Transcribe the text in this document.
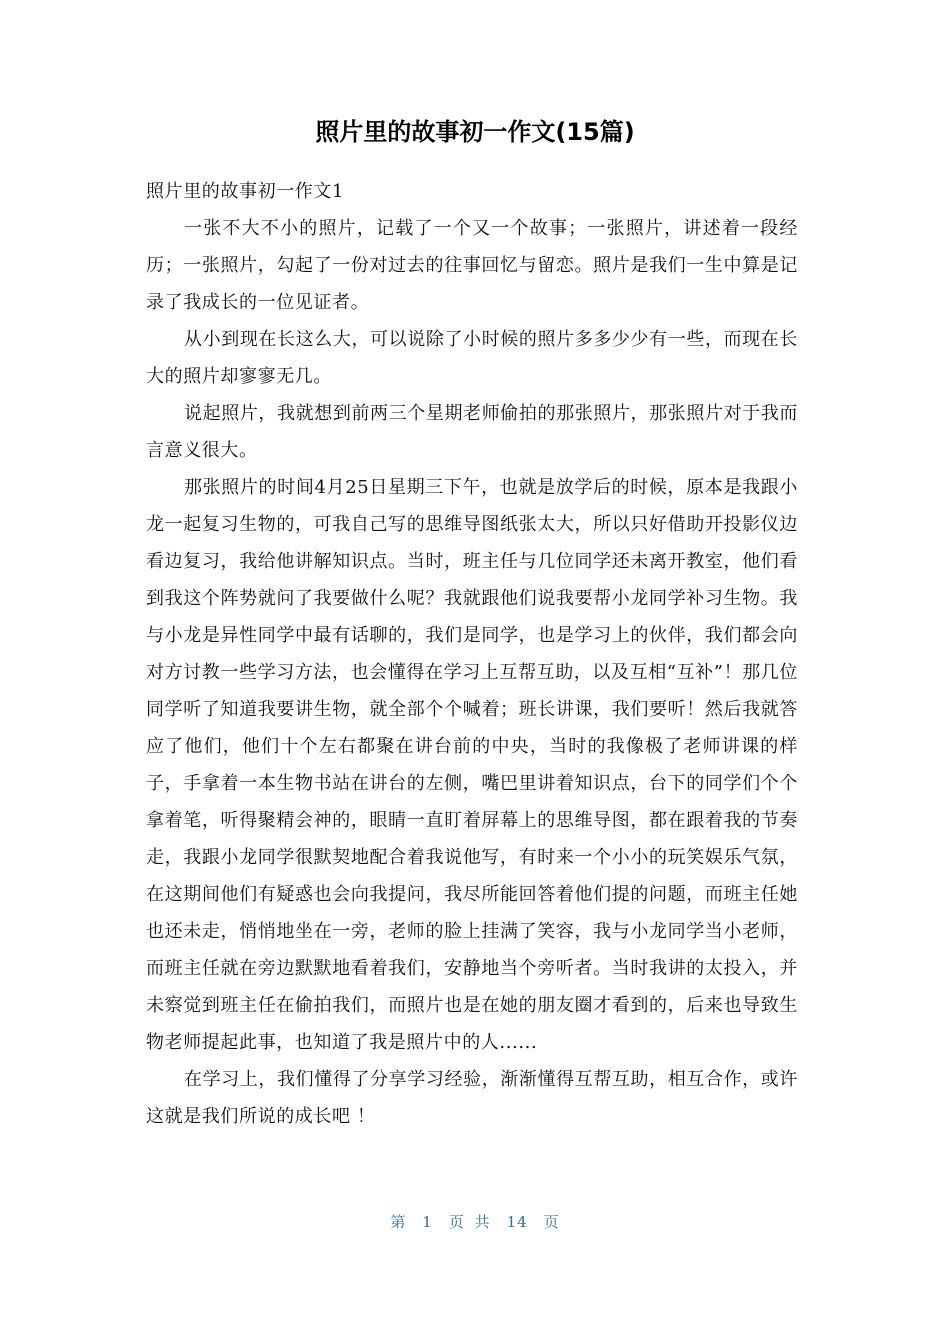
照片里的故事初一作文(15篇)

照片里的故事初一作文1

一张不大不小的照片，记载了一个又一个故事；一张照片，讲述着一段经历；一张照片，勾起了一份对过去的往事回忆与留恋。照片是我们一生中算是记录了我成长的一位见证者。

从小到现在长这么大，可以说除了小时候的照片多多少少有一些，而现在长大的照片却寥寥无几。

说起照片，我就想到前两三个星期老师偷拍的那张照片，那张照片对于我而言意义很大。

那张照片的时间4月25日星期三下午，也就是放学后的时候，原本是我跟小龙一起复习生物的，可我自己写的思维导图纸张太大，所以只好借助开投影仪边看边复习，我给他讲解知识点。当时，班主任与几位同学还未离开教室，他们看到我这个阵势就问了我要做什么呢？我就跟他们说我要帮小龙同学补习生物。我与小龙是异性同学中最有话聊的，我们是同学，也是学习上的伙伴，我们都会向对方讨教一些学习方法，也会懂得在学习上互帮互助，以及互相“互补”！那几位同学听了知道我要讲生物，就全部个个喊着；班长讲课，我们要听！然后我就答应了他们，他们十个左右都聚在讲台前的中央，当时的我像极了老师讲课的样子，手拿着一本生物书站在讲台的左侧，嘴巴里讲着知识点，台下的同学们个个拿着笔，听得聚精会神的，眼睛一直盯着屏幕上的思维导图，都在跟着我的节奏走，我跟小龙同学很默契地配合着我说他写，有时来一个小小的玩笑娱乐气氛，在这期间他们有疑惑也会向我提问，我尽所能回答着他们提的问题，而班主任她也还未走，悄悄地坐在一旁，老师的脸上挂满了笑容，我与小龙同学当小老师，而班主任就在旁边默默地看着我们，安静地当个旁听者。当时我讲的太投入，并未察觉到班主任在偷拍我们，而照片也是在她的朋友圈才看到的，后来也导致生物老师提起此事，也知道了我是照片中的人......

在学习上，我们懂得了分享学习经验，渐渐懂得互帮互助，相互合作，或许这就是我们所说的成长吧 ！

第 1 页 共 14 页
